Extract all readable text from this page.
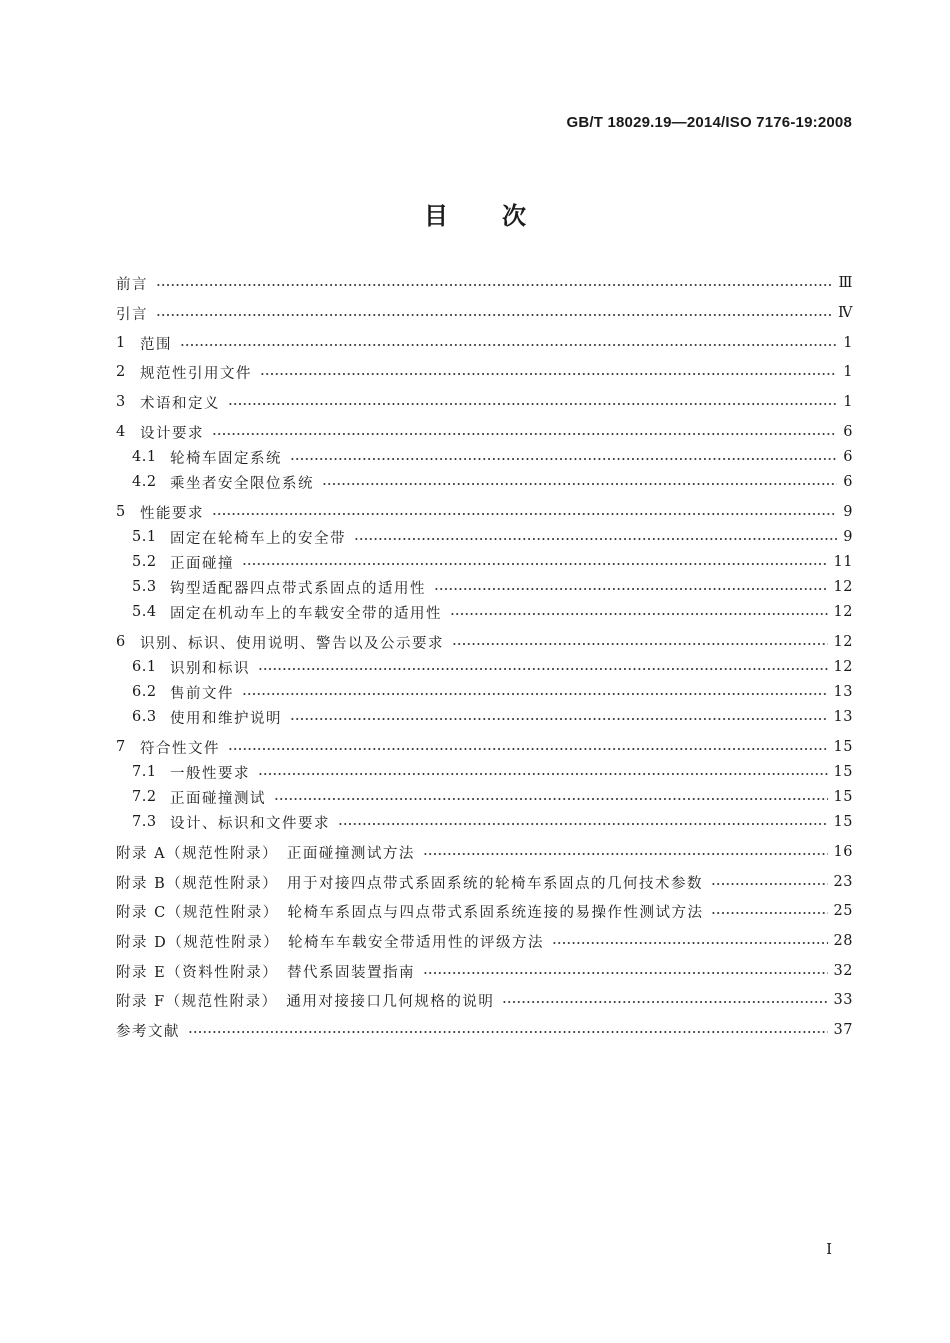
GB/T 18029.19—2014/ISO 7176-19:2008
目次
前言	Ⅲ
引言	Ⅳ
1 范围	1
2 规范性引用文件	1
3 术语和定义	1
4 设计要求	6
4.1 轮椅车固定系统	6
4.2 乘坐者安全限位系统	6
5 性能要求	9
5.1 固定在轮椅车上的安全带	9
5.2 正面碰撞	11
5.3 钩型适配器四点带式系固点的适用性	12
5.4 固定在机动车上的车载安全带的适用性	12
6 识别、标识、使用说明、警告以及公示要求	12
6.1 识别和标识	12
6.2 售前文件	13
6.3 使用和维护说明	13
7 符合性文件	15
7.1 一般性要求	15
7.2 正面碰撞测试	15
7.3 设计、标识和文件要求	15
附录 A（规范性附录）　正面碰撞测试方法	16
附录 B（规范性附录）　用于对接四点带式系固系统的轮椅车系固点的几何技术参数	23
附录 C（规范性附录）　轮椅车系固点与四点带式系固系统连接的易操作性测试方法	25
附录 D（规范性附录）　轮椅车车载安全带适用性的评级方法	28
附录 E（资料性附录）　替代系固装置指南	32
附录 F（规范性附录）　通用对接接口几何规格的说明	33
参考文献	37
I
